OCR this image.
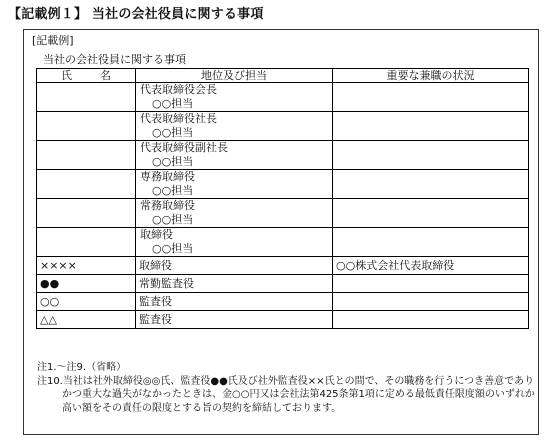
【記載例１】 当社の会社役員に関する事項
[記載例]
当社の会社役員に関する事項
氏 名	地位及び担当	重要な兼職の状況
	代表取締役会長
○○担当	

	代表取締役社長
○○担当	

	代表取締役副社長
○○担当	

	専務取締役
○○担当	

	常務取締役
○○担当	

	取締役
○○担当	

××××	取締役	○○株式会社代表取締役
●●	常勤監査役	
○○	監査役	
△△	監査役	
注1.～注9.（省略）
注10.当社は社外取締役◎◎氏、監査役●●氏及び社外監査役××氏との間で、その職務を行うにつき善意でありかつ重大な過失がなかったときは、金○○円又は会社法第425条第1項に定める最低責任限度額のいずれか高い額をその責任の限度とする旨の契約を締結しております。
